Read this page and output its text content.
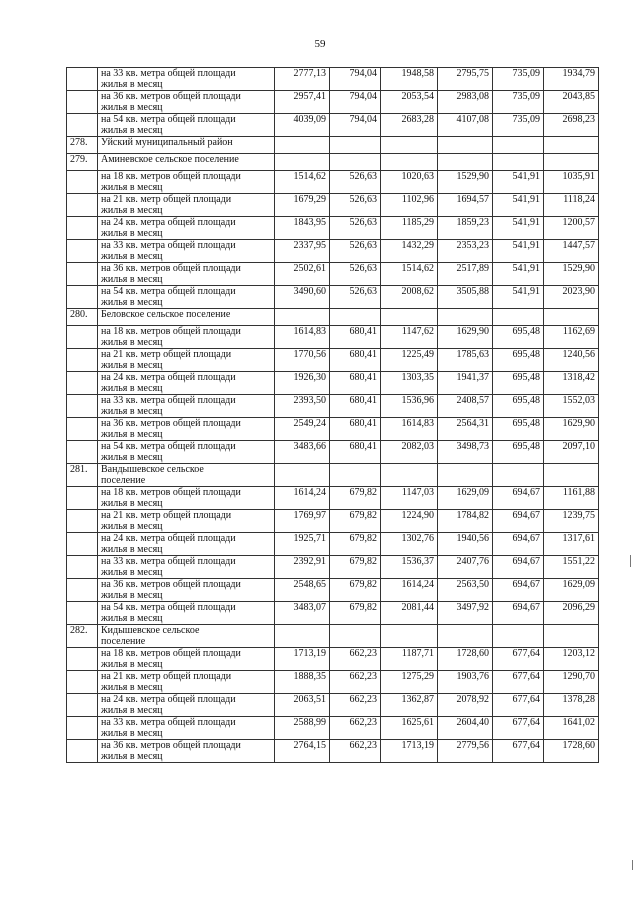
59

	на 33 кв. метра общей площади
жилья в месяц	2777,13	794,04	1948,58	2795,75	735,09	1934,79

	на 36 кв. метров общей площади
жилья в месяц	2957,41	794,04	2053,54	2983,08	735,09	2043,85

	на 54 кв. метра общей площади
жилья в месяц	4039,09	794,04	2683,28	4107,08	735,09	2698,23
278.	Уйский муниципальный район						

279.	Аминевское сельское поселение						

	на 18 кв. метров общей площади
жилья в месяц	1514,62	526,63	1020,63	1529,90	541,91	1035,91

	на 21 кв. метр общей площади
жилья в месяц	1679,29	526,63	1102,96	1694,57	541,91	1118,24

	на 24 кв. метра общей площади
жилья в месяц	1843,95	526,63	1185,29	1859,23	541,91	1200,57

	на 33 кв. метра общей площади
жилья в месяц	2337,95	526,63	1432,29	2353,23	541,91	1447,57

	на 36 кв. метров общей площади
жилья в месяц	2502,61	526,63	1514,62	2517,89	541,91	1529,90

	на 54 кв. метра общей площади
жилья в месяц	3490,60	526,63	2008,62	3505,88	541,91	2023,90
280.	Беловское сельское поселение						

	на 18 кв. метров общей площади
жилья в месяц	1614,83	680,41	1147,62	1629,90	695,48	1162,69

	на 21 кв. метр общей площади
жилья в месяц	1770,56	680,41	1225,49	1785,63	695,48	1240,56

	на 24 кв. метра общей площади
жилья в месяц	1926,30	680,41	1303,35	1941,37	695,48	1318,42

	на 33 кв. метра общей площади
жилья в месяц	2393,50	680,41	1536,96	2408,57	695,48	1552,03

	на 36 кв. метров общей площади
жилья в месяц	2549,24	680,41	1614,83	2564,31	695,48	1629,90

	на 54 кв. метра общей площади
жилья в месяц	3483,66	680,41	2082,03	3498,73	695,48	2097,10
281.	Вандышевское сельское
поселение						

	на 18 кв. метров общей площади
жилья в месяц	1614,24	679,82	1147,03	1629,09	694,67	1161,88

	на 21 кв. метр общей площади
жилья в месяц	1769,97	679,82	1224,90	1784,82	694,67	1239,75

	на 24 кв. метра общей площади
жилья в месяц	1925,71	679,82	1302,76	1940,56	694,67	1317,61

	на 33 кв. метра общей площади
жилья в месяц	2392,91	679,82	1536,37	2407,76	694,67	1551,22

	на 36 кв. метров общей площади
жилья в месяц	2548,65	679,82	1614,24	2563,50	694,67	1629,09

	на 54 кв. метра общей площади
жилья в месяц	3483,07	679,82	2081,44	3497,92	694,67	2096,29
282.	Кидышевское сельское
поселение						

	на 18 кв. метров общей площади
жилья в месяц	1713,19	662,23	1187,71	1728,60	677,64	1203,12

	на 21 кв. метр общей площади
жилья в месяц	1888,35	662,23	1275,29	1903,76	677,64	1290,70

	на 24 кв. метра общей площади
жилья в месяц	2063,51	662,23	1362,87	2078,92	677,64	1378,28

	на 33 кв. метра общей площади
жилья в месяц	2588,99	662,23	1625,61	2604,40	677,64	1641,02

	на 36 кв. метров общей площади
жилья в месяц	2764,15	662,23	1713,19	2779,56	677,64	1728,60
